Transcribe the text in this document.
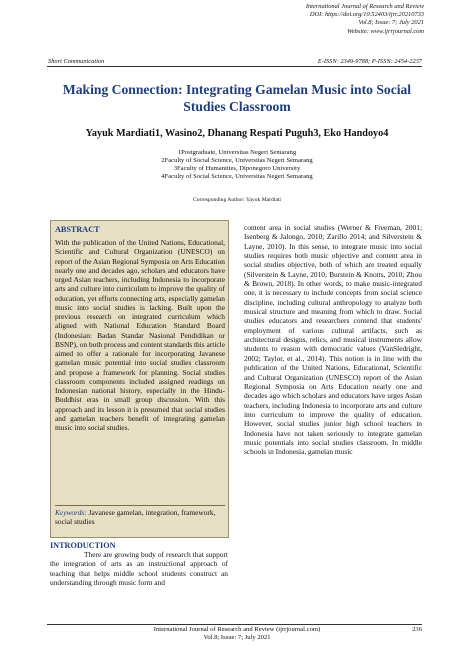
International Journal of Research and Review
DOI: https://doi.org/10.52403/ijrr.20210733
Vol.8; Issue: 7; July 2021
Website: www.ijrrjournal.com
Short Communication	E-ISSN: 2349-9788; P-ISSN: 2454-2237
Making Connection: Integrating Gamelan Music into Social Studies Classroom
Yayuk Mardiati1, Wasino2, Dhanang Respati Puguh3, Eko Handoyo4
1Postgraduate, Universitas Negeri Semarang
2Faculty of Social Science, Universitas Negeri Semarang
3Faculty of Humanities, Diponegoro University
4Faculty of Social Science, Universitas Negeri Semarang
Corresponding Author: Yayuk Mardiati
ABSTRACT
With the publication of the United Nations, Educational, Scientific and Cultural Organization (UNESCO) on report of the Asian Regional Symposia on Arts Education nearly one and decades ago, scholars and educators have urged Asian teachers, including Indonesia to incorporate arts and culture into curriculum to improve the quality of education, yet efforts connecting arts, especially gamelan music into social studies is lacking. Built upon the previous research on integrated curriculum which aligned with National Education Standard Board (Indonesian: Badan Standar Nasional Pendidikan or BSNP), on both process and content standards this article aimed to offer a rationale for incorporating Javanese gamelan music potential into social studies classroom and propose a framework for planning. Social studies classroom components included assigned readings on Indonesian national history, especially in the Hindu-Buddhist eras in small group discussion. With this approach and its lesson it is presumed that social studies and gamelan teachers benefit of integrating gamelan music into social studies.
Keywords: Javanese gamelan, integration, framework, social studies
INTRODUCTION
There are growing body of research that support the integration of arts as an instructional approach of teaching that helps middle school students construct an understanding through music form and
content area in social studies (Werner & Freeman, 2001; Isenberg & Jalongo, 2010; Zarillo 2014; and Silverstein & Layne, 2010). In this sense, to integrate music into social studies requires both music objective and content area in social studies objective, both of which are treated equally (Silverstein & Layne, 2010; Burstein & Knotts, 2010; Zhou & Brown, 2018). In other words, to make music-integrated one, it is necessary to include concepts from social science discipline, including cultural anthropology to analyze both musical structure and meaning from which to draw. Social studies educators and researchers contend that students' employment of various cultural artifacts, such as architectural designs, relics, and musical instruments allow students to reason with democratic values (VanSledright, 2002; Taylor, et al., 2014). This notion is in line with the publication of the United Nations, Educational, Scientific and Cultural Organization (UNESCO) report of the Asian Regional Symposia on Arts Education nearly one and decades ago which scholars and educators have urges Asian teachers, including Indonesia to incorporate arts and culture into curriculum to improve the quality of education. However, social studies junior high school teachers in Indonesia have not taken seriously to integrate gamelan music potentials into social studies classroom. In middle schools in Indonesia, gamelan music
International Journal of Research and Review (ijrrjournal.com)
Vol.8; Issue: 7; July 2021
236
